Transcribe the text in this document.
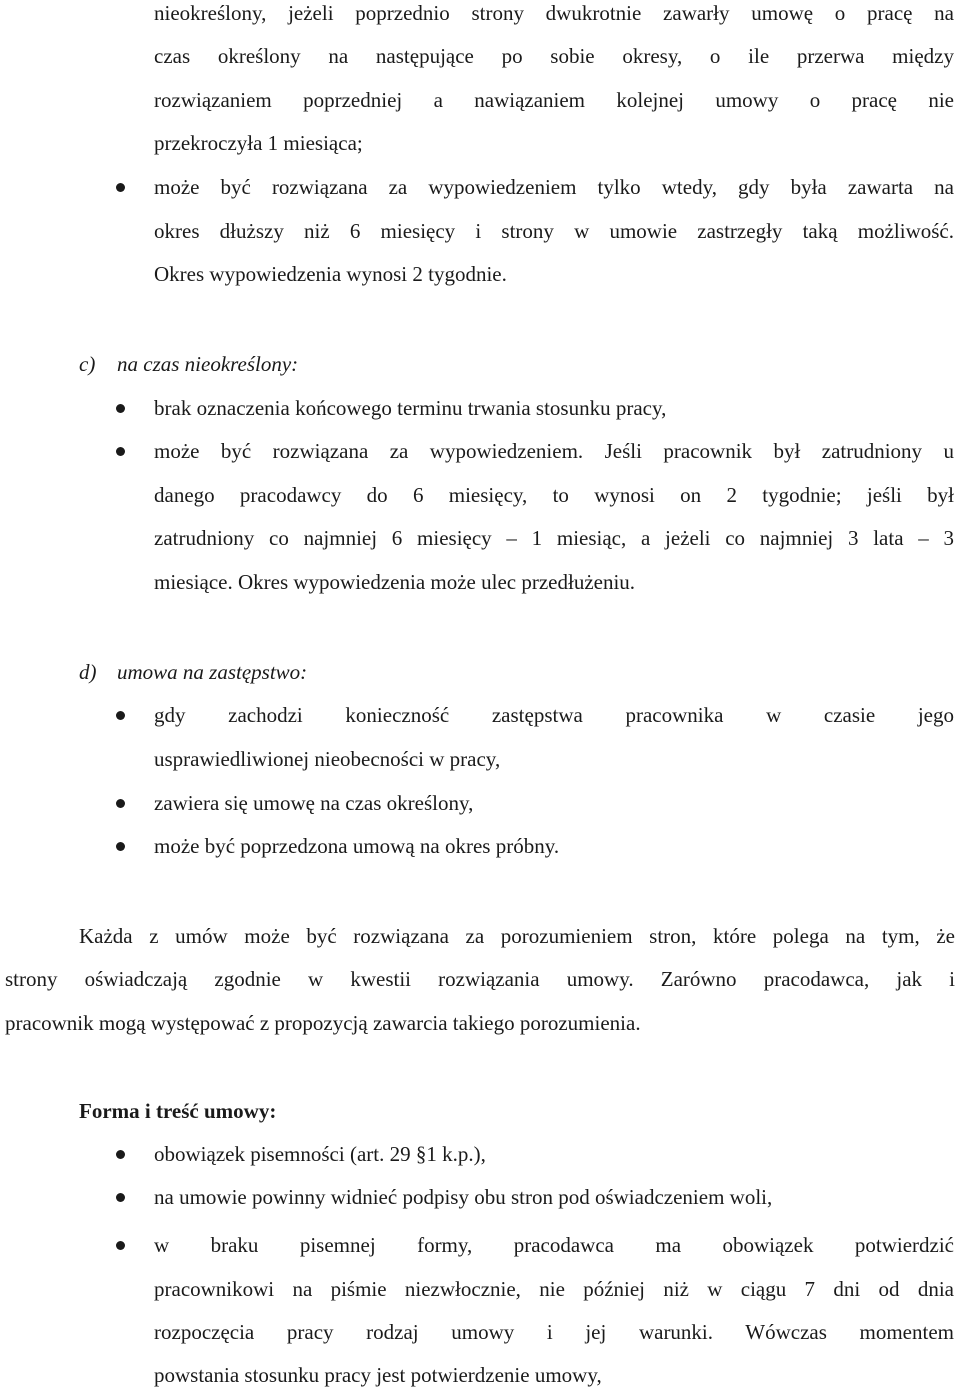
nieokreślony, jeżeli poprzednio strony dwukrotnie zawarły umowę o pracę na
czas określony na następujące po sobie okresy, o ile przerwa między
rozwiązaniem poprzedniej a nawiązaniem kolejnej umowy o pracę nie
przekroczyła 1 miesiąca;
może być rozwiązana za wypowiedzeniem tylko wtedy, gdy była zawarta na
okres dłuższy niż 6 miesięcy i strony w umowie zastrzegły taką możliwość.
Okres wypowiedzenia wynosi 2 tygodnie.
c) na czas nieokreślony:
brak oznaczenia końcowego terminu trwania stosunku pracy,
może być rozwiązana za wypowiedzeniem. Jeśli pracownik był zatrudniony u
danego pracodawcy do 6 miesięcy, to wynosi on 2 tygodnie; jeśli był
zatrudniony co najmniej 6 miesięcy – 1 miesiąc, a jeżeli co najmniej 3 lata – 3
miesiące. Okres wypowiedzenia może ulec przedłużeniu.
d) umowa na zastępstwo:
gdy zachodzi konieczność zastępstwa pracownika w czasie jego
usprawiedliwionej nieobecności w pracy,
zawiera się umowę na czas określony,
może być poprzedzona umową na okres próbny.
Każda z umów może być rozwiązana za porozumieniem stron, które polega na tym, że
strony oświadczają zgodnie w kwestii rozwiązania umowy. Zarówno pracodawca, jak i
pracownik mogą występować z propozycją zawarcia takiego porozumienia.
Forma i treść umowy:
obowiązek pisemności (art. 29 §1 k.p.),
na umowie powinny widnieć podpisy obu stron pod oświadczeniem woli,
w braku pisemnej formy, pracodawca ma obowiązek potwierdzić
pracownikowi na piśmie niezwłocznie, nie później niż w ciągu 7 dni od dnia
rozpoczęcia pracy rodzaj umowy i jej warunki. Wówczas momentem
powstania stosunku pracy jest potwierdzenie umowy,
